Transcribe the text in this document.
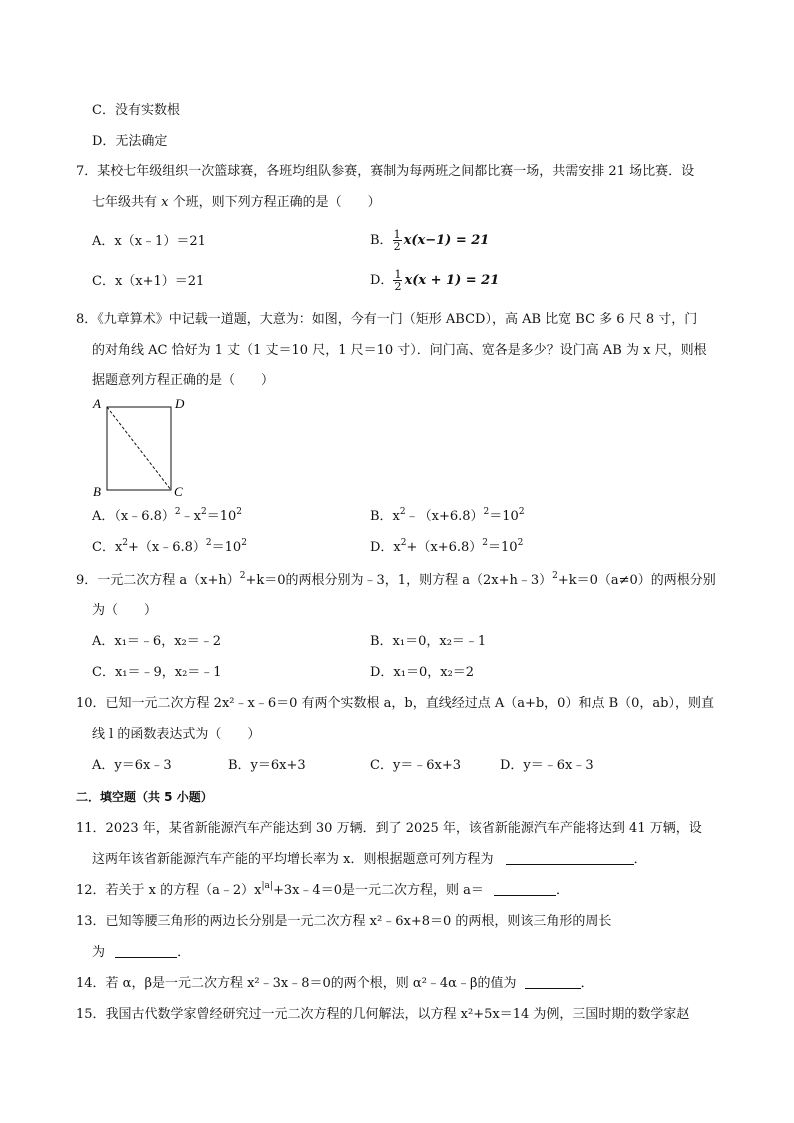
C．没有实数根
D．无法确定
7．某校七年级组织一次篮球赛，各班均组队参赛，赛制为每两班之间都比赛一场，共需安排 21 场比赛．设
七年级共有 x 个班，则下列方程正确的是（　　）
A．x（x﹣1）＝21	B． $\frac{1}{2} x(x-1) = 21$
C．x（x+1）＝21	D． $\frac{1}{2} x(x + 1) = 21$
8．《九章算术》中记载一道题，大意为：如图，今有一门（矩形 ABCD），高 AB 比宽 BC 多 6 尺 8 寸，门
的对角线 AC 恰好为 1 丈（1 丈＝10 尺，1 尺＝10 寸）．问门高、宽各是多少？设门高 AB 为 x 尺，则根
据题意列方程正确的是（　　）
A	D
B	C
A．$(x﹣6.8)^2﹣x^2=10^2$	B．$x^2﹣(x+6.8)^2=10^2$
C．$x^2+(x﹣6.8)^2=10^2$	D．$x^2+(x+6.8)^2=10^2$
9．一元二次方程 $a(x+h)^2+k=0$的两根分别为﹣3，1，则方程 a（2x+h﹣3）$^2$+k＝0（a≠0）的两根分别
为（　　）
A．x₁＝﹣6，x₂＝﹣2	B．x₁＝0，x₂＝﹣1
C．x₁＝﹣9，x₂＝﹣1	D．x₁＝0，x₂＝2
10．已知一元二次方程 2x²﹣x﹣6＝0 有两个实数根 a，b，直线经过点 A（a+b，0）和点 B（0，ab），则直
线 l 的函数表达式为（　　）
A．y＝6x﹣3	B．y＝6x+3	C．y＝﹣6x+3	D．y＝﹣6x﹣3
二．填空题（共 5 小题）
11．2023 年，某省新能源汽车产能达到 30 万辆．到了 2025 年，该省新能源汽车产能将达到 41 万辆，设
这两年该省新能源汽车产能的平均增长率为 x．则根据题意可列方程为	．
12．若关于 x 的方程$(a﹣2)x^{|a|}+3x﹣4=0$是一元二次方程，则 a＝	．
13．已知等腰三角形的两边长分别是一元二次方程 x²﹣6x+8＝0 的两根，则该三角形的周长
为	．
14．若 α，β是一元二次方程 x²﹣3x﹣8＝0的两个根，则 α²﹣4α﹣β的值为	．
15．我国古代数学家曾经研究过一元二次方程的几何解法，以方程 x²+5x＝14 为例，三国时期的数学家赵
